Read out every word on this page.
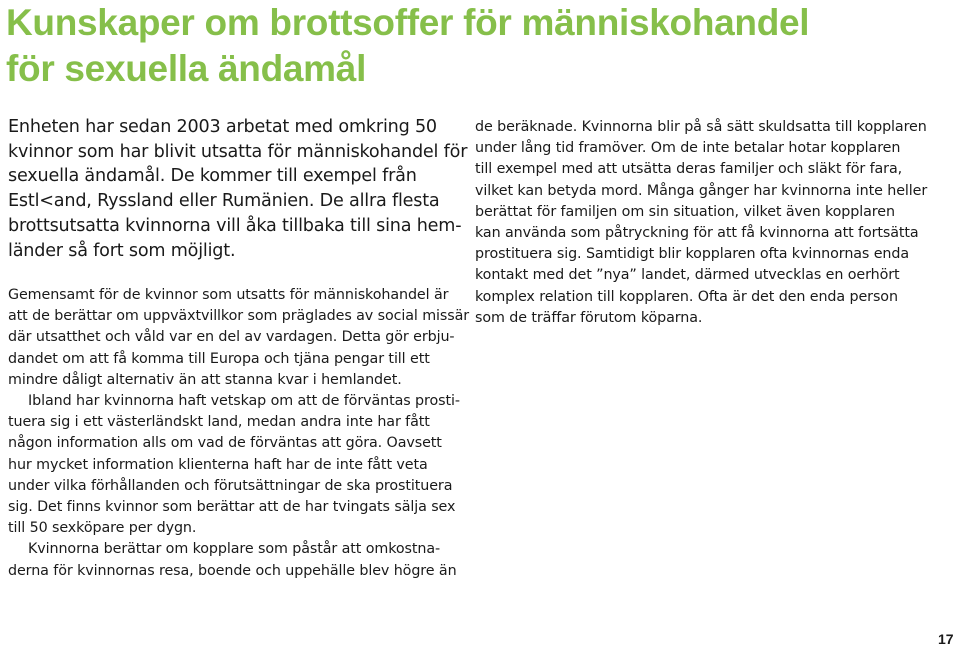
Kunskaper om brottsoffer för människohandel
för sexuella ändamål
Enheten har sedan 2003 arbetat med omkring 50
kvinnor som har blivit utsatta för människohandel för
sexuella ändamål. De kommer till exempel från
Estl<and, Ryssland eller Rumänien. De allra flesta
brottsutsatta kvinnorna vill åka tillbaka till sina hem-
länder så fort som möjligt.
Gemensamt för de kvinnor som utsatts för människohandel är
att de berättar om uppväxtvillkor som präglades av social missär
där utsatthet och våld var en del av vardagen. Detta gör erbju-
dandet om att få komma till Europa och tjäna pengar till ett
mindre dåligt alternativ än att stanna kvar i hemlandet.
Ibland har kvinnorna haft vetskap om att de förväntas prosti-
tuera sig i ett västerländskt land, medan andra inte har fått
någon information alls om vad de förväntas att göra. Oavsett
hur mycket information klienterna haft har de inte fått veta
under vilka förhållanden och förutsättningar de ska prostituera
sig. Det finns kvinnor som berättar att de har tvingats sälja sex
till 50 sexköpare per dygn.
Kvinnorna berättar om kopplare som påstår att omkostna-
derna för kvinnornas resa, boende och uppehälle blev högre än
de beräknade. Kvinnorna blir på så sätt skuldsatta till kopplaren
under lång tid framöver. Om de inte betalar hotar kopplaren
till exempel med att utsätta deras familjer och släkt för fara,
vilket kan betyda mord. Många gånger har kvinnorna inte heller
berättat för familjen om sin situation, vilket även kopplaren
kan använda som påtryckning för att få kvinnorna att fortsätta
prostituera sig. Samtidigt blir kopplaren ofta kvinnornas enda
kontakt med det ”nya” landet, därmed utvecklas en oerhört
komplex relation till kopplaren. Ofta är det den enda person
som de träffar förutom köparna.
17
